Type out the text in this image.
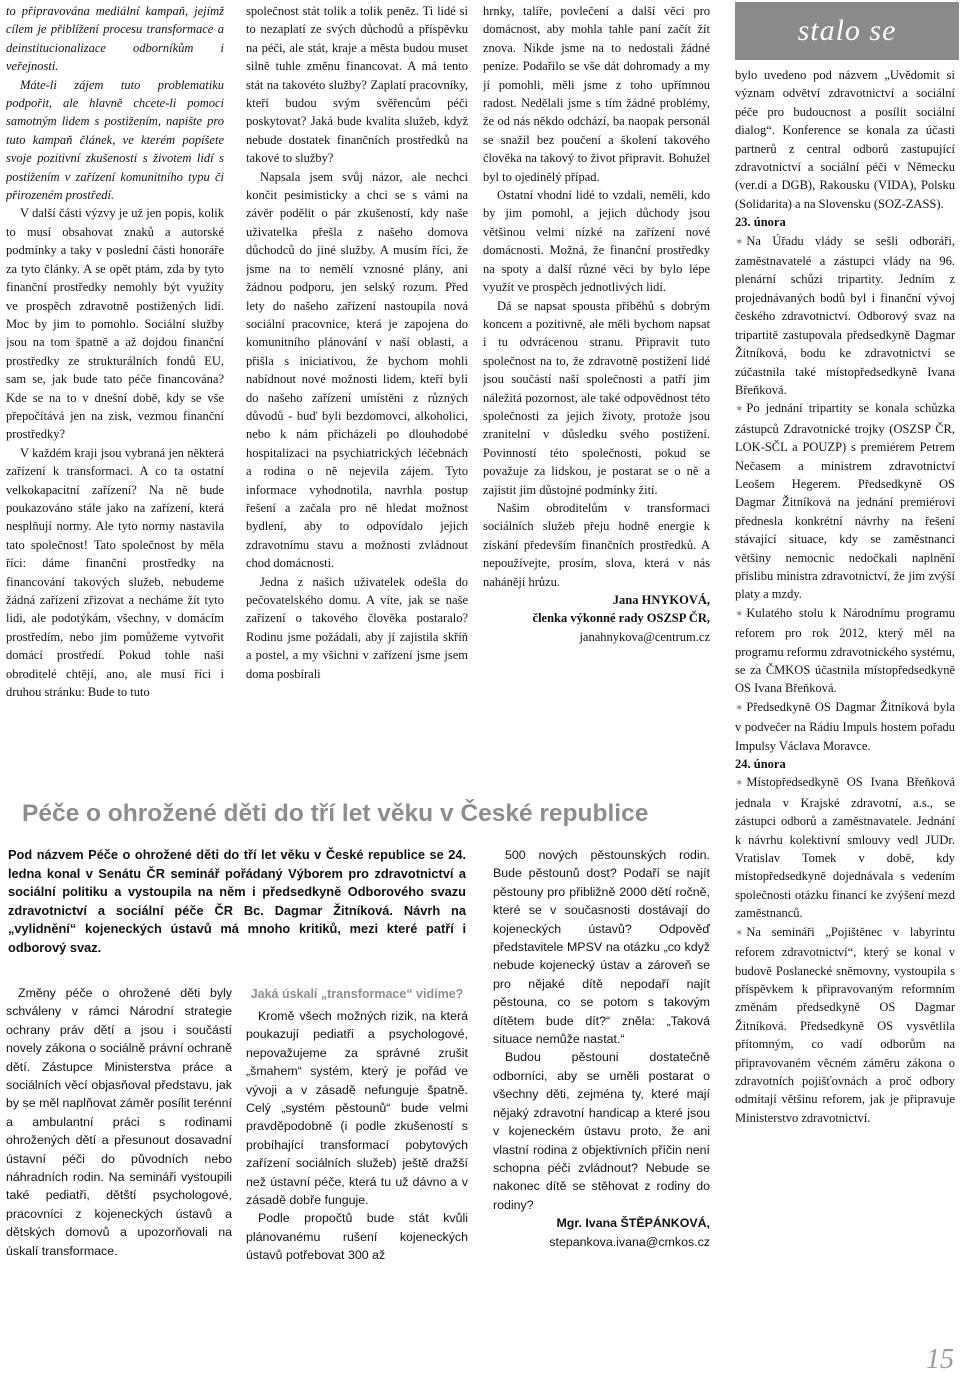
stalo se

to připravována mediální kampaň, jejímž cílem je přiblížení procesu transformace a deinstitucionalizace odborníkům i veřejnosti.

Máte-li zájem tuto problematiku podpořit, ale hlavně chcete-li pomoci samotným lidem s postižením, napište pro tuto kampaň článek, ve kterém popíšete svoje pozitivní zkušenosti s životem lidí s postižením v zařízení komunitního typu či přirozeném prostředí.

V další části výzvy je už jen popis, kolik to musí obsahovat znaků a autorské podmínky a taky v poslední části honoráře za tyto články. A se opět ptám, zda by tyto finanční prostředky nemohly být využity ve prospěch zdravotně postižených lidí. Moc by jim to pomohlo. Sociální služby jsou na tom špatně a až dojdou finanční prostředky ze strukturálních fondů EU, sam se, jak bude tato péče financována? Kde se na to v dnešní době, kdy se vše přepočítává jen na zisk, vezmou finanční prostředky?

V každém kraji jsou vybraná jen některá zařízení k transformaci. A co ta ostatní velkokapacitní zařízení? Na ně bude poukazováno stále jako na zařízení, která nesplňují normy. Ale tyto normy nastavila tato společnost! Tato společnost by měla říci: dáme finanční prostředky na financování takových služeb, nebudeme žádná zařízení zřizovat a necháme žít tyto lidi, ale podotýkám, všechny, v domácím prostředím, nebo jim pomůžeme vytvořit domácí prostředí. Pokud tohle naši obroditelé chtějí, ano, ale musí říci i druhou stránku: Bude to tuto

společnost stát tolik a tolik peněz. Ti lidé si to nezaplatí ze svých důchodů a příspěvku na péči, ale stát, kraje a města budou muset silně tuhle změnu financovat. A má tento stát na takovéto služby? Zaplatí pracovníky, kteří budou svým svěřencům péči poskytovat? Jaká bude kvalita služeb, když nebude dostatek finančních prostředků na takové to služby?

Napsala jsem svůj názor, ale nechci končit pesimisticky a chci se s vámi na závěr podělit o pár zkušeností, kdy naše uživatelka přešla z našeho domova důchodců do jiné služby. A musím říci, že jsme na to nemělí vznosné plány, ani žádnou podporu, jen selský rozum. Před lety do našeho zařízení nastoupila nová sociální pracovnice, která je zapojena do komunitního plánování v naší oblasti, a přišla s iniciativou, že bychom mohli nabídnout nové možnosti lidem, kteří byli do našeho zařízení umístěni z různých důvodů - buď byli bezdomovci, alkoholici, nebo k nám přicházeli po dlouhodobé hospitalizaci na psychiatrických léčebnách a rodina o ně nejevila zájem. Tyto informace vyhodnotila, navrhla postup řešení a začala pro ně hledat možnost bydlení, aby to odpovídalo jejich zdravotnímu stavu a možnosti zvládnout chod domácnosti.

Jedna z našich uživatelek odešla do pečovatelského domu. A víte, jak se naše zařízení o takového člověka postaralo? Rodinu jsme požádali, aby jí zajistila skříň a postel, a my všichni v zařízení jsme jsem doma posbírali

hrnky, talíře, povlečení a další věci pro domácnost, aby mohla tahle paní začít žít znova. Nikde jsme na to nedostali žádné peníze. Podařilo se vše dát dohromady a my jí pomohli, měli jsme z toho upřímnou radost. Nedělali jsme s tím žádné problémy, že od nás někdo odchází, ba naopak personál se snažil bez poučení a školení takového člověka na takový to život připravit. Bohužel byl to ojedinělý případ.

Ostatní vhodní lidé to vzdali, neměli, kdo by jim pomohl, a jejich důchody jsou většinou velmi nízké na zařízení nové domácnosti. Možná, že finanční prostředky na spoty a další různé věci by bylo lépe využít ve prospěch jednotlivých lidí.

Dá se napsat spousta příběhů s dobrým koncem a pozitivně, ale měli bychom napsat i tu odvrácenou stranu. Připravit tuto společnost na to, že zdravotně postižení lidé jsou součástí naší společnosti a patří jim náležitá pozornost, ale také odpovědnost této společnosti za jejich životy, protože jsou zranitelní v důsledku svého postižení. Povinností této společnosti, pokud se považuje za lidskou, je postarat se o ně a zajistit jim důstojné podmínky žití.

Našim obroditelům v transformaci sociálních služeb přeju hodně energie k získání především finančních prostředků. A nepoužívejte, prosím, slova, která v nás nahánějí hrůzu.

Jana HNYKOVÁ,

členka výkonné rady OSZSP ČR,

janahnykova@centrum.cz

bylo uvedeno pod názvem „Uvědomit si význam odvětví zdravotnictví a sociální péče pro budoucnost a posílit sociální dialog“. Konference se konala za účasti partnerů z central odborů zastupující zdravotnictví a sociální péči v Německu (ver.di a DGB), Rakousku (VIDA), Polsku (Solidarita) a na Slovensku (SOZ-ZASS).

23. února

✶ Na Úřadu vlády se sešli odboráři, zaměstnavatelé a zástupci vlády na 96. plenární schůzi tripartity. Jedním z projednávaných bodů byl i finanční vývoj českého zdravotnictví. Odborový svaz na tripartitě zastupovala předsedkyně Dagmar Žitníková, bodu ke zdravotnictví se zúčastnila také místopředsedkyně Ivana Břeňková.

✶ Po jednání tripartity se konala schůzka zástupců Zdravotnické trojky (OSZSP ČR, LOK-SČL a POUZP) s premiérem Petrem Nečasem a ministrem zdravotnictví Leošem Hegerem. Předsedkyně OS Dagmar Žitníková na jednání premiérovi přednesla konkrétní návrhy na řešení stávající situace, kdy se zaměstnanci většiny nemocnic nedočkali naplnění příslibu ministra zdravotnictví, že jim zvýší platy a mzdy.

✶ Kulatého stolu k Národnímu programu reforem pro rok 2012, který měl na programu reformu zdravotnického systému, se za ČMKOS účastnila místopředsedkyně OS Ivana Břeňková.

✶ Předsedkyně OS Dagmar Žitníková byla v podvečer na Rádiu Impuls hostem pořadu Impulsy Václava Moravce.

24. února

✶ Místopředsedkyně OS Ivana Břeňková jednala v Krajské zdravotní, a.s., se zástupci odborů a zaměstnavatele. Jednání k návrhu kolektivní smlouvy vedl JUDr. Vratislav Tomek v době, kdy místopředsedkyně dojednávala s vedením společnosti otázku financí ke zvýšení mezd zaměstnanců.

✶ Na semináři „Pojištěnec v labyrintu reforem zdravotnictví“, který se konal v budově Poslanecké sněmovny, vystoupila s příspěvkem k připravovaným reformním změnám předsedkyně OS Dagmar Žitníková. Předsedkyně OS vysvětlila přítomným, co vadí odborům na připravovaném věcném záměru zákona o zdravotních pojišťovnách a proč odbory odmítají většinu reforem, jak je připravuje Ministerstvo zdravotnictví.

Péče o ohrožené děti do tří let věku v České republice
Pod názvem Péče o ohrožené děti do tří let věku v České republice se 24. ledna konal v Senátu ČR seminář pořádaný Výborem pro zdravotnictví a sociální politiku a vystoupila na něm i předsedkyně Odborového svazu zdravotnictví a sociální péče ČR Bc. Dagmar Žitníková. Návrh na „vylidnění“ kojeneckých ústavů má mnoho kritiků, mezi které patří i odborový svaz.

Změny péče o ohrožené děti byly schváleny v rámci Národní strategie ochrany práv dětí a jsou i součástí novely zákona o sociálně právní ochraně dětí. Zástupce Ministerstva práce a sociálních věcí objasňoval představu, jak by se měl naplňovat záměr posílit terénní a ambulantní práci s rodinami ohrožených dětí a přesunout dosavadní ústavní péči do původních nebo náhradních rodin. Na semináři vystoupili také pediatři, dětští psychologové, pracovníci z kojeneckých ústavů a dětských domovů a upozorňovali na úskalí transformace.

Jaká úskalí „transformace“ vidíme?

Kromě všech možných rizik, na která poukazují pediatři a psychologové, nepovažujeme za správné zrušit „šmahem“ systém, který je pořád ve vývoji a v zásadě nefunguje špatně. Celý „systém pěstounů“ bude velmi pravděpodobně (i podle zkušeností s probíhající transformací pobytových zařízení sociálních služeb) ještě dražší než ústavní péče, která tu už dávno a v zásadě dobře funguje.

Podle propočtů bude stát kvůli plánovanému rušení kojeneckých ústavů potřebovat 300 až

500 nových pěstounských rodin. Bude pěstounů dost? Podaří se najít pěstouny pro přibližně 2000 dětí ročně, které se v současnosti dostávají do kojeneckých ústavů? Odpověď představitele MPSV na otázku „co když nebude kojenecký ústav a zároveň se pro nějaké dítě nepodaří najít pěstouna, co se potom s takovým dítětem bude dít?“ zněla: „Taková situace nemůže nastat.“

Budou pěstouni dostatečně odborníci, aby se uměli postarat o všechny děti, zejména ty, které mají nějaký zdravotní handicap a které jsou v kojeneckém ústavu proto, že ani vlastní rodina z objektivních příčin není schopna péči zvládnout? Nebude se nakonec dítě se stěhovat z rodiny do rodiny?

Mgr. Ivana ŠTĚPÁNKOVÁ,

stepankova.ivana@cmkos.cz

15
